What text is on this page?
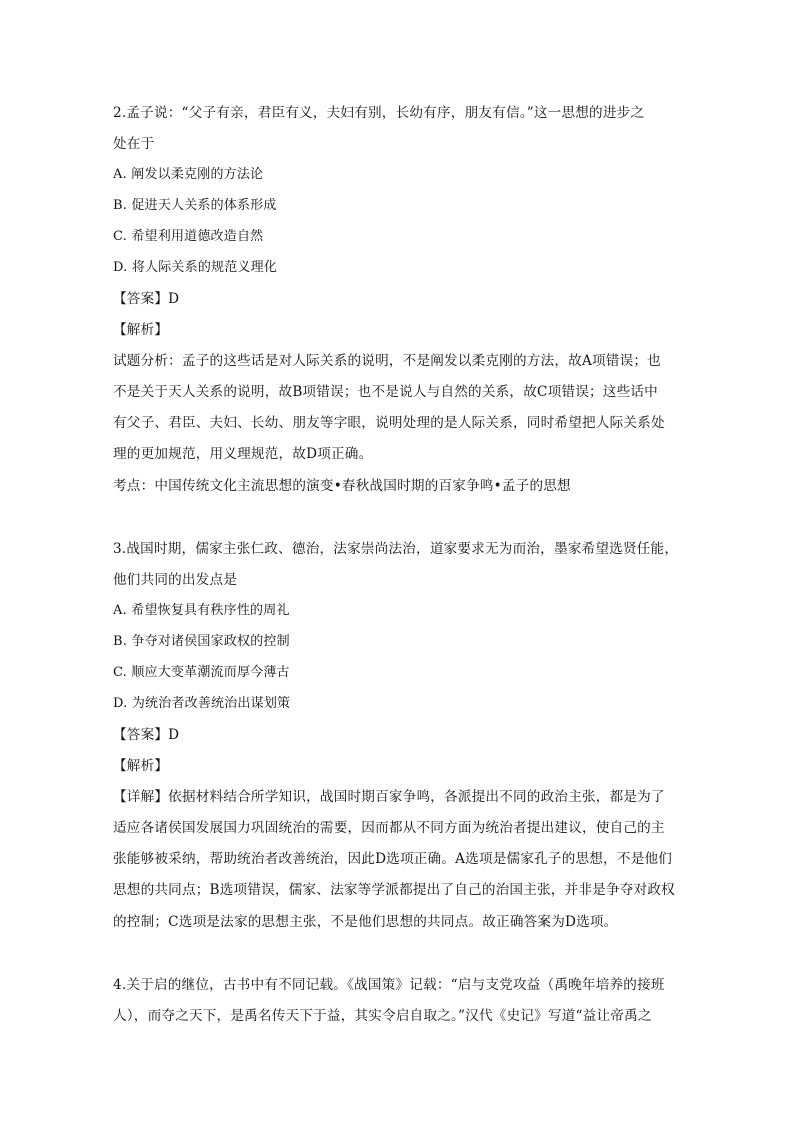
2.孟子说：“父子有亲，君臣有义，夫妇有别，长幼有序，朋友有信。”这一思想的进步之
处在于
A. 阐发以柔克刚的方法论
B. 促进天人关系的体系形成
C. 希望利用道德改造自然
D. 将人际关系的规范义理化
【答案】D
【解析】
试题分析：孟子的这些话是对人际关系的说明，不是阐发以柔克刚的方法，故A项错误；也
不是关于天人关系的说明，故B项错误；也不是说人与自然的关系，故C项错误；这些话中
有父子、君臣、夫妇、长幼、朋友等字眼，说明处理的是人际关系，同时希望把人际关系处
理的更加规范，用义理规范，故D项正确。
考点：中国传统文化主流思想的演变•春秋战国时期的百家争鸣•孟子的思想
3.战国时期，儒家主张仁政、德治，法家崇尚法治，道家要求无为而治，墨家希望选贤任能，
他们共同的出发点是
A. 希望恢复具有秩序性的周礼
B. 争夺对诸侯国家政权的控制
C. 顺应大变革潮流而厚今薄古
D. 为统治者改善统治出谋划策
【答案】D
【解析】
【详解】依据材料结合所学知识，战国时期百家争鸣，各派提出不同的政治主张，都是为了
适应各诸侯国发展国力巩固统治的需要，因而都从不同方面为统治者提出建议，使自己的主
张能够被采纳，帮助统治者改善统治，因此D选项正确。A选项是儒家孔子的思想，不是他们
思想的共同点；B选项错误，儒家、法家等学派都提出了自己的治国主张，并非是争夺对政权
的控制；C选项是法家的思想主张，不是他们思想的共同点。故正确答案为D选项。
4.关于启的继位，古书中有不同记载。《战国策》记载：“启与支党攻益（禹晚年培养的接班
人），而夺之天下，是禹名传天下于益，其实令启自取之。”汉代《史记》写道“益让帝禹之
